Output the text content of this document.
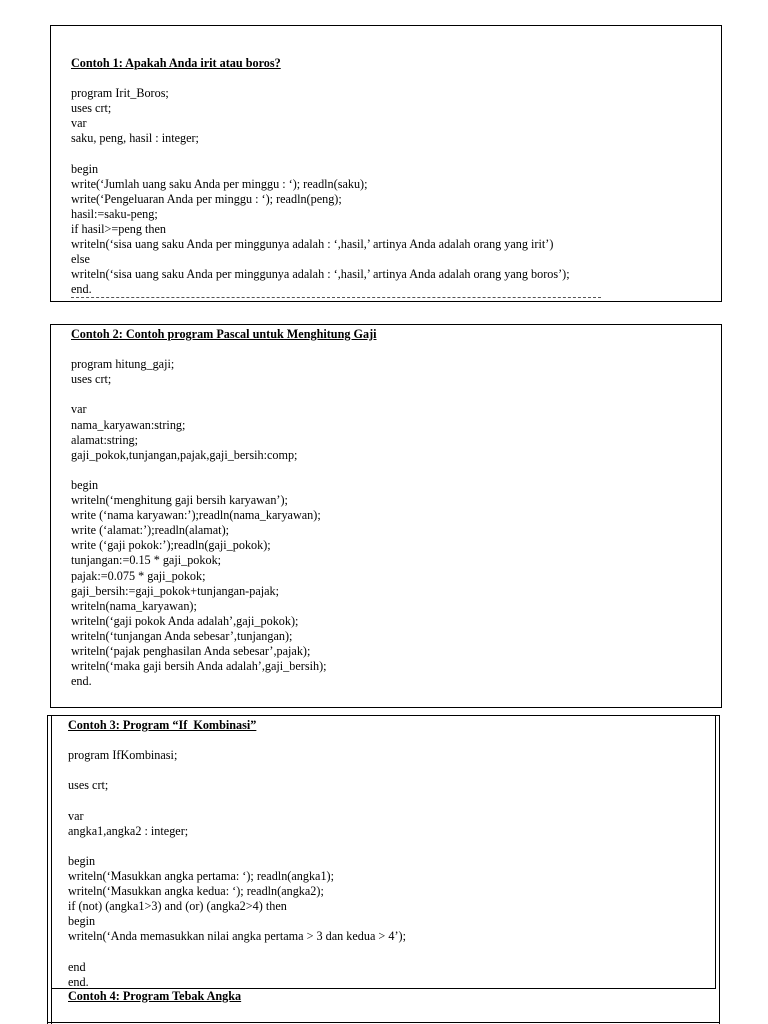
Contoh 1: Apakah Anda irit atau boros?
program Irit_Boros;
uses crt;
var
saku, peng, hasil : integer;
begin
write(‘Jumlah uang saku Anda per minggu : ‘); readln(saku);
write(‘Pengeluaran Anda per minggu : ‘); readln(peng);
hasil:=saku-peng;
if hasil>=peng then
writeln(‘sisa uang saku Anda per minggunya adalah : ‘,hasil,’ artinya Anda adalah orang yang irit’)
else
writeln(‘sisa uang saku Anda per minggunya adalah : ‘,hasil,’ artinya Anda adalah orang yang boros’);
end.
Contoh 2: Contoh program Pascal untuk Menghitung Gaji
program hitung_gaji;
uses crt;
var
nama_karyawan:string;
alamat:string;
gaji_pokok,tunjangan,pajak,gaji_bersih:comp;
begin
writeln(‘menghitung gaji bersih karyawan’);
write (‘nama karyawan:’);readln(nama_karyawan);
write (‘alamat:’);readln(alamat);
write (‘gaji pokok:’);readln(gaji_pokok);
tunjangan:=0.15 * gaji_pokok;
pajak:=0.075 * gaji_pokok;
gaji_bersih:=gaji_pokok+tunjangan-pajak;
writeln(nama_karyawan);
writeln(‘gaji pokok Anda adalah’,gaji_pokok);
writeln(‘tunjangan Anda sebesar’,tunjangan);
writeln(‘pajak penghasilan Anda sebesar’,pajak);
writeln(‘maka gaji bersih Anda adalah’,gaji_bersih);
end.
Contoh 3: Program “If  Kombinasi”
program IfKombinasi;
uses crt;
var
angka1,angka2 : integer;
begin
writeln(‘Masukkan angka pertama: ‘); readln(angka1);
writeln(‘Masukkan angka kedua: ‘); readln(angka2);
if (not) (angka1>3) and (or) (angka2>4) then
begin
writeln(‘Anda memasukkan nilai angka pertama > 3 dan kedua > 4’);
end
end.
Contoh 4: Program Tebak Angka
